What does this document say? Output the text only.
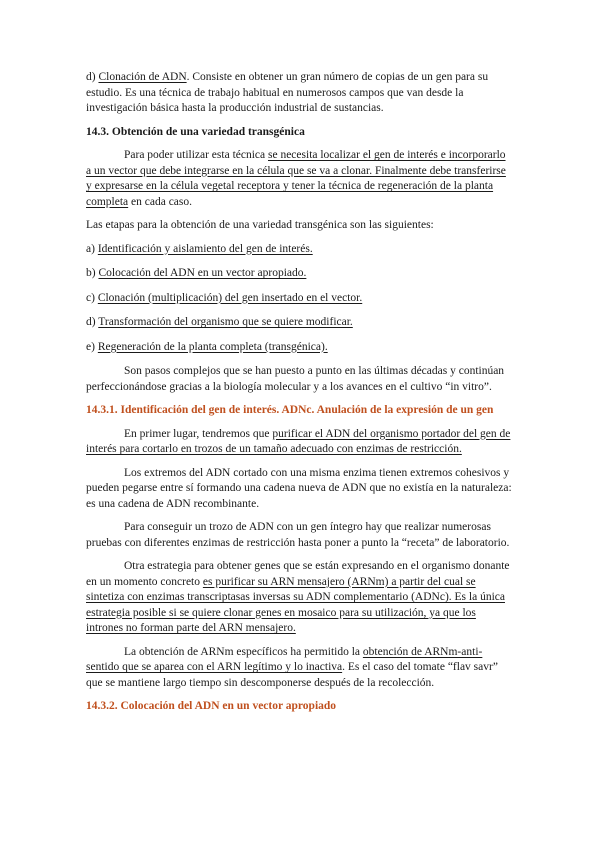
d) Clonación de ADN. Consiste en obtener un gran número de copias de un gen para su estudio. Es una técnica de trabajo habitual en numerosos campos que van desde la investigación básica hasta la producción industrial de sustancias.

14.3. Obtención de una variedad transgénica

Para poder utilizar esta técnica se necesita localizar el gen de interés e incorporarlo a un vector que debe integrarse en la célula que se va a clonar. Finalmente debe transferirse y expresarse en la célula vegetal receptora y tener la técnica de regeneración de la planta completa en cada caso.

Las etapas para la obtención de una variedad transgénica son las siguientes:

a) Identificación y aislamiento del gen de interés.

b) Colocación del ADN en un vector apropiado.

c) Clonación (multiplicación) del gen insertado en el vector.

d) Transformación del organismo que se quiere modificar.

e) Regeneración de la planta completa (transgénica).

Son pasos complejos que se han puesto a punto en las últimas décadas y continúan perfeccionándose gracias a la biología molecular y a los avances en el cultivo “in vitro”.

14.3.1. Identificación del gen de interés. ADNc. Anulación de la expresión de un gen

En primer lugar, tendremos que purificar el ADN del organismo portador del gen de interés para cortarlo en trozos de un tamaño adecuado con enzimas de restricción.

Los extremos del ADN cortado con una misma enzima tienen extremos cohesivos y pueden pegarse entre sí formando una cadena nueva de ADN que no existía en la naturaleza: es una cadena de ADN recombinante.

Para conseguir un trozo de ADN con un gen íntegro hay que realizar numerosas pruebas con diferentes enzimas de restricción hasta poner a punto la “receta” de laboratorio.

Otra estrategia para obtener genes que se están expresando en el organismo donante en un momento concreto es purificar su ARN mensajero (ARNm) a partir del cual se sintetiza con enzimas transcriptasas inversas su ADN complementario (ADNc). Es la única estrategia posible si se quiere clonar genes en mosaico para su utilización, ya que los intrones no forman parte del ARN mensajero.

La obtención de ARNm específicos ha permitido la obtención de ARNm-anti-sentido que se aparea con el ARN legítimo y lo inactiva. Es el caso del tomate “flav savr” que se mantiene largo tiempo sin descomponerse después de la recolección.

14.3.2. Colocación del ADN en un vector apropiado
